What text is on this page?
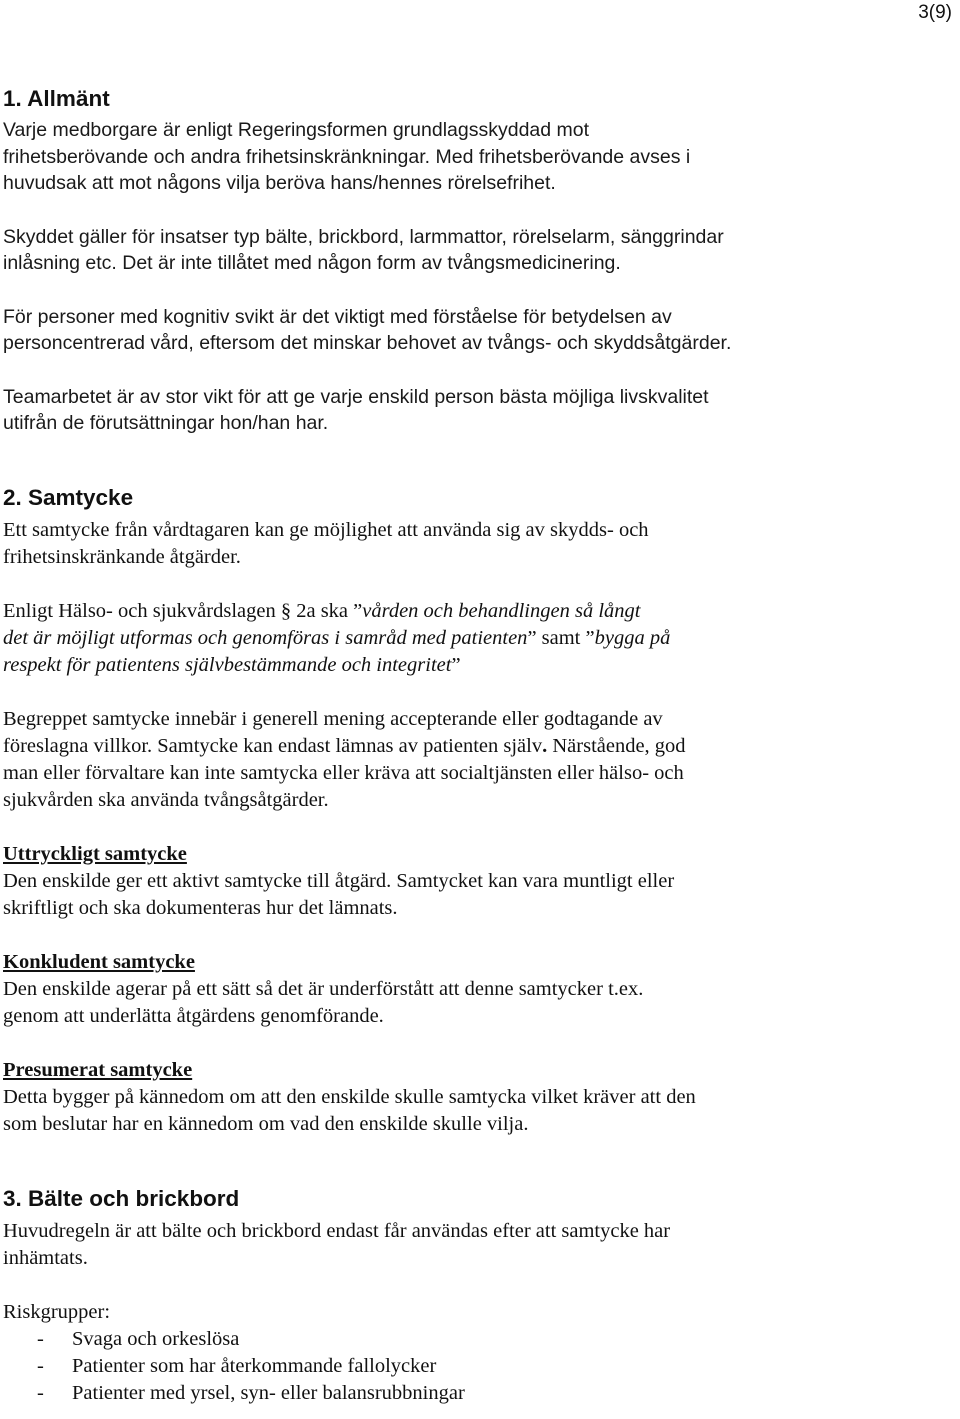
3(9)
1. Allmänt

Varje medborgare är enligt Regeringsformen grundlagsskyddad mot
frihetsberövande och andra frihetsinskränkningar. Med frihetsberövande avses i
huvudsak att mot någons vilja beröva hans/hennes rörelsefrihet.

Skyddet gäller för insatser typ bälte, brickbord, larmmattor, rörelselarm, sänggrindar
inlåsning etc. Det är inte tillåtet med någon form av tvångsmedicinering.

För personer med kognitiv svikt är det viktigt med förståelse för betydelsen av
personcentrerad vård, eftersom det minskar behovet av tvångs- och skyddsåtgärder.

Teamarbetet är av stor vikt för att ge varje enskild person bästa möjliga livskvalitet
utifrån de förutsättningar hon/han har.

2. Samtycke

Ett samtycke från vårdtagaren kan ge möjlighet att använda sig av skydds- och
frihetsinskränkande åtgärder.

Enligt Hälso- och sjukvårdslagen § 2a ska ”vården och behandlingen så långt
det är möjligt utformas och genomföras i samråd med patienten” samt ”bygga på
respekt för patientens självbestämmande och integritet”

Begreppet samtycke innebär i generell mening accepterande eller godtagande av
föreslagna villkor. Samtycke kan endast lämnas av patienten själv. Närstående, god
man eller förvaltare kan inte samtycka eller kräva att socialtjänsten eller hälso- och
sjukvården ska använda tvångsåtgärder.

Uttryckligt samtycke

Den enskilde ger ett aktivt samtycke till åtgärd. Samtycket kan vara muntligt eller
skriftligt och ska dokumenteras hur det lämnats.

Konkludent samtycke

Den enskilde agerar på ett sätt så det är underförstått att denne samtycker t.ex.
genom att underlätta åtgärdens genomförande.

Presumerat samtycke

Detta bygger på kännedom om att den enskilde skulle samtycka vilket kräver att den
som beslutar har en kännedom om vad den enskilde skulle vilja.

3. Bälte och brickbord

Huvudregeln är att bälte och brickbord endast får användas efter att samtycke har
inhämtats.

Riskgrupper:

- Svaga och orkeslösa
- Patienter som har återkommande fallolycker
- Patienter med yrsel, syn- eller balansrubbningar
